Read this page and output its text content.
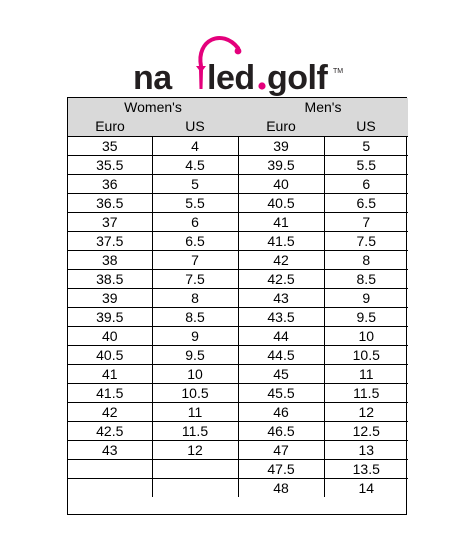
na led golf TM
Women's		Men's	
Euro	US	Euro	US
35	4	39	5
35.5	4.5	39.5	5.5
36	5	40	6
36.5	5.5	40.5	6.5
37	6	41	7
37.5	6.5	41.5	7.5
38	7	42	8
38.5	7.5	42.5	8.5
39	8	43	9
39.5	8.5	43.5	9.5
40	9	44	10
40.5	9.5	44.5	10.5
41	10	45	11
41.5	10.5	45.5	11.5
42	11	46	12
42.5	11.5	46.5	12.5
43	12	47	13
		47.5	13.5
		48	14
